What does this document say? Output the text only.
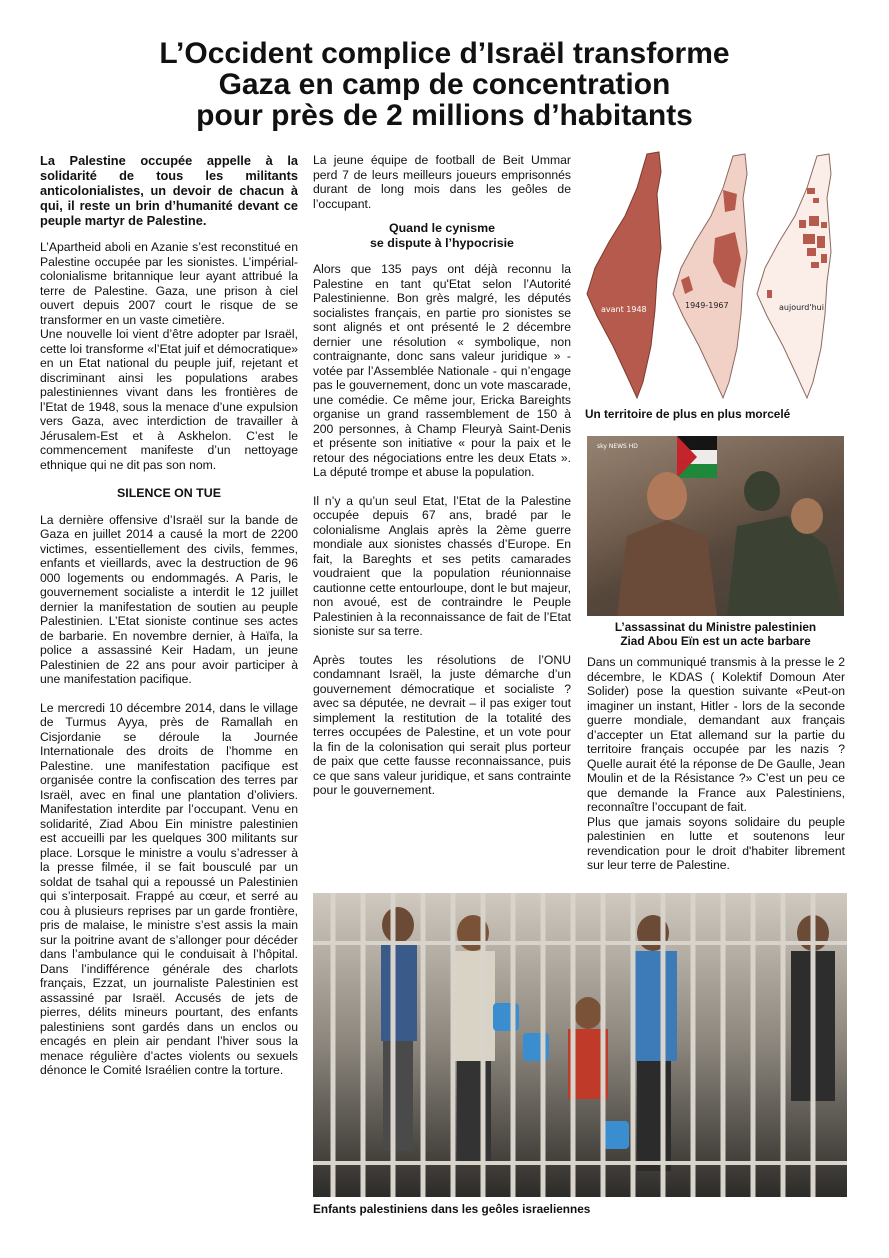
L’Occident complice d’Israël transforme
Gaza en camp de concentration
pour près de 2 millions d’habitants

La Palestine occupée appelle à la solidarité de tous les militants anticolonialistes, un devoir de chacun à qui, il reste un brin d’humanité devant ce peuple martyr de Palestine.

L’Apartheid aboli en Azanie s’est reconstitué en Palestine occupée par les sionistes. L’impérial-colonialisme britannique leur ayant attribué la terre de Palestine. Gaza, une prison à ciel ouvert depuis 2007 court le risque de se transformer en un vaste cimetière.

Une nouvelle loi vient d’être adopter par Israël, cette loi transforme «l’Etat juif et démocratique» en un Etat national du peuple juif, rejetant et discriminant ainsi les populations arabes palestiniennes vivant dans les frontières de l’Etat de 1948, sous la menace d’une expulsion vers Gaza, avec interdiction de travailler à Jérusalem-Est et à Askhelon. C’est le commencement manifeste d’un nettoyage ethnique qui ne dit pas son nom.

SILENCE ON TUE

La dernière offensive d’Israël sur la bande de Gaza en juillet 2014 a causé la mort de 2200 victimes, essentiellement des civils, femmes, enfants et vieillards, avec la destruction de 96 000 logements ou endommagés. A Paris, le gouvernement socialiste a interdit le 12 juillet dernier la manifestation de soutien au peuple Palestinien. L’Etat sioniste continue ses actes de barbarie. En novembre dernier, à Haïfa, la police a assassiné Keir Hadam, un jeune Palestinien de 22 ans pour avoir participer à une manifestation pacifique.

Le mercredi 10 décembre 2014, dans le village de Turmus Ayya, près de Ramallah en Cisjordanie se déroule la Journée Internationale des droits de l’homme en Palestine. une manifestation pacifique est organisée contre la confiscation des terres par Israël, avec en final une plantation d’oliviers. Manifestation interdite par l’occupant. Venu en solidarité, Ziad Abou Ein ministre palestinien est accueilli par les quelques 300 militants sur place. Lorsque le ministre a voulu s’adresser à la presse filmée, il se fait bousculé par un soldat de tsahal qui a repoussé un Palestinien qui s’interposait. Frappé au cœur, et serré au cou à plusieurs reprises par un garde frontière, pris de malaise, le ministre s’est assis la main sur la poitrine avant de s’allonger pour décéder dans l’ambulance qui le conduisait à l’hôpital. Dans l’indifférence générale des charlots français, Ezzat, un journaliste Palestinien est assassiné par Israël. Accusés de jets de pierres, délits mineurs pourtant, des enfants palestiniens sont gardés dans un enclos ou encagés en plein air pendant l’hiver sous la menace régulière d’actes violents ou sexuels dénonce le Comité Israélien contre la torture.

La jeune équipe de football de Beit Ummar perd 7 de leurs meilleurs joueurs emprisonnés durant de long mois dans les geôles de l’occupant.

Quand le cynisme
se dispute à l’hypocrisie

Alors que 135 pays ont déjà reconnu la Palestine en tant qu'Etat selon l’Autorité Palestinienne. Bon grès malgré, les députés socialistes français, en partie pro sionistes se sont alignés et ont présenté le 2 décembre dernier une résolution « symbolique, non contraignante, donc sans valeur juridique » - votée par l’Assemblée Nationale - qui n’engage pas le gouvernement, donc un vote mascarade, une comédie. Ce même jour, Ericka Bareights organise un grand rassemblement de 150 à 200 personnes, à Champ Fleuryà Saint-Denis et présente son initiative « pour la paix et le retour des négociations entre les deux Etats ». La député trompe et abuse la population.

Il n’y a qu’un seul Etat, l’Etat de la Palestine occupée depuis 67 ans, bradé par le colonialisme Anglais après la 2ème guerre mondiale aux sionistes chassés d’Europe. En fait, la Bareghts et ses petits camarades voudraient que la population réunionnaise cautionne cette entourloupe, dont le but majeur, non avoué, est de contraindre le Peuple Palestinien à la reconnaissance de fait de l’Etat sioniste sur sa terre.

Après toutes les résolutions de l’ONU condamnant Israël, la juste démarche d’un gouvernement démocratique et socialiste ? avec sa députée, ne devrait – il pas exiger tout simplement la restitution de la totalité des terres occupées de Palestine, et un vote pour la fin de la colonisation qui serait plus porteur de paix que cette fausse reconnaissance, puis ce que sans valeur juridique, et sans contrainte pour le gouvernement.

avant 1948	1949-1967	aujourd'hui
Un territoire de plus en plus morcelé
sky NEWS HD
L’assassinat du Ministre palestinien
Ziad Abou Eïn est un acte barbare

Dans un communiqué transmis à la presse le 2 décembre, le KDAS ( Kolektif Domoun Ater Solider) pose la question suivante «Peut-on imaginer un instant, Hitler - lors de la seconde guerre mondiale, demandant aux français d’accepter un Etat allemand sur la partie du territoire français occupée par les nazis ? Quelle aurait été la réponse de De Gaulle, Jean Moulin et de la Résistance ?» C’est un peu ce que demande la France aux Palestiniens, reconnaître l’occupant de fait.

Plus que jamais soyons solidaire du peuple palestinien en lutte et soutenons leur revendication pour le droit d'habiter librement sur leur terre de Palestine.

Enfants palestiniens dans les geôles israeliennes
